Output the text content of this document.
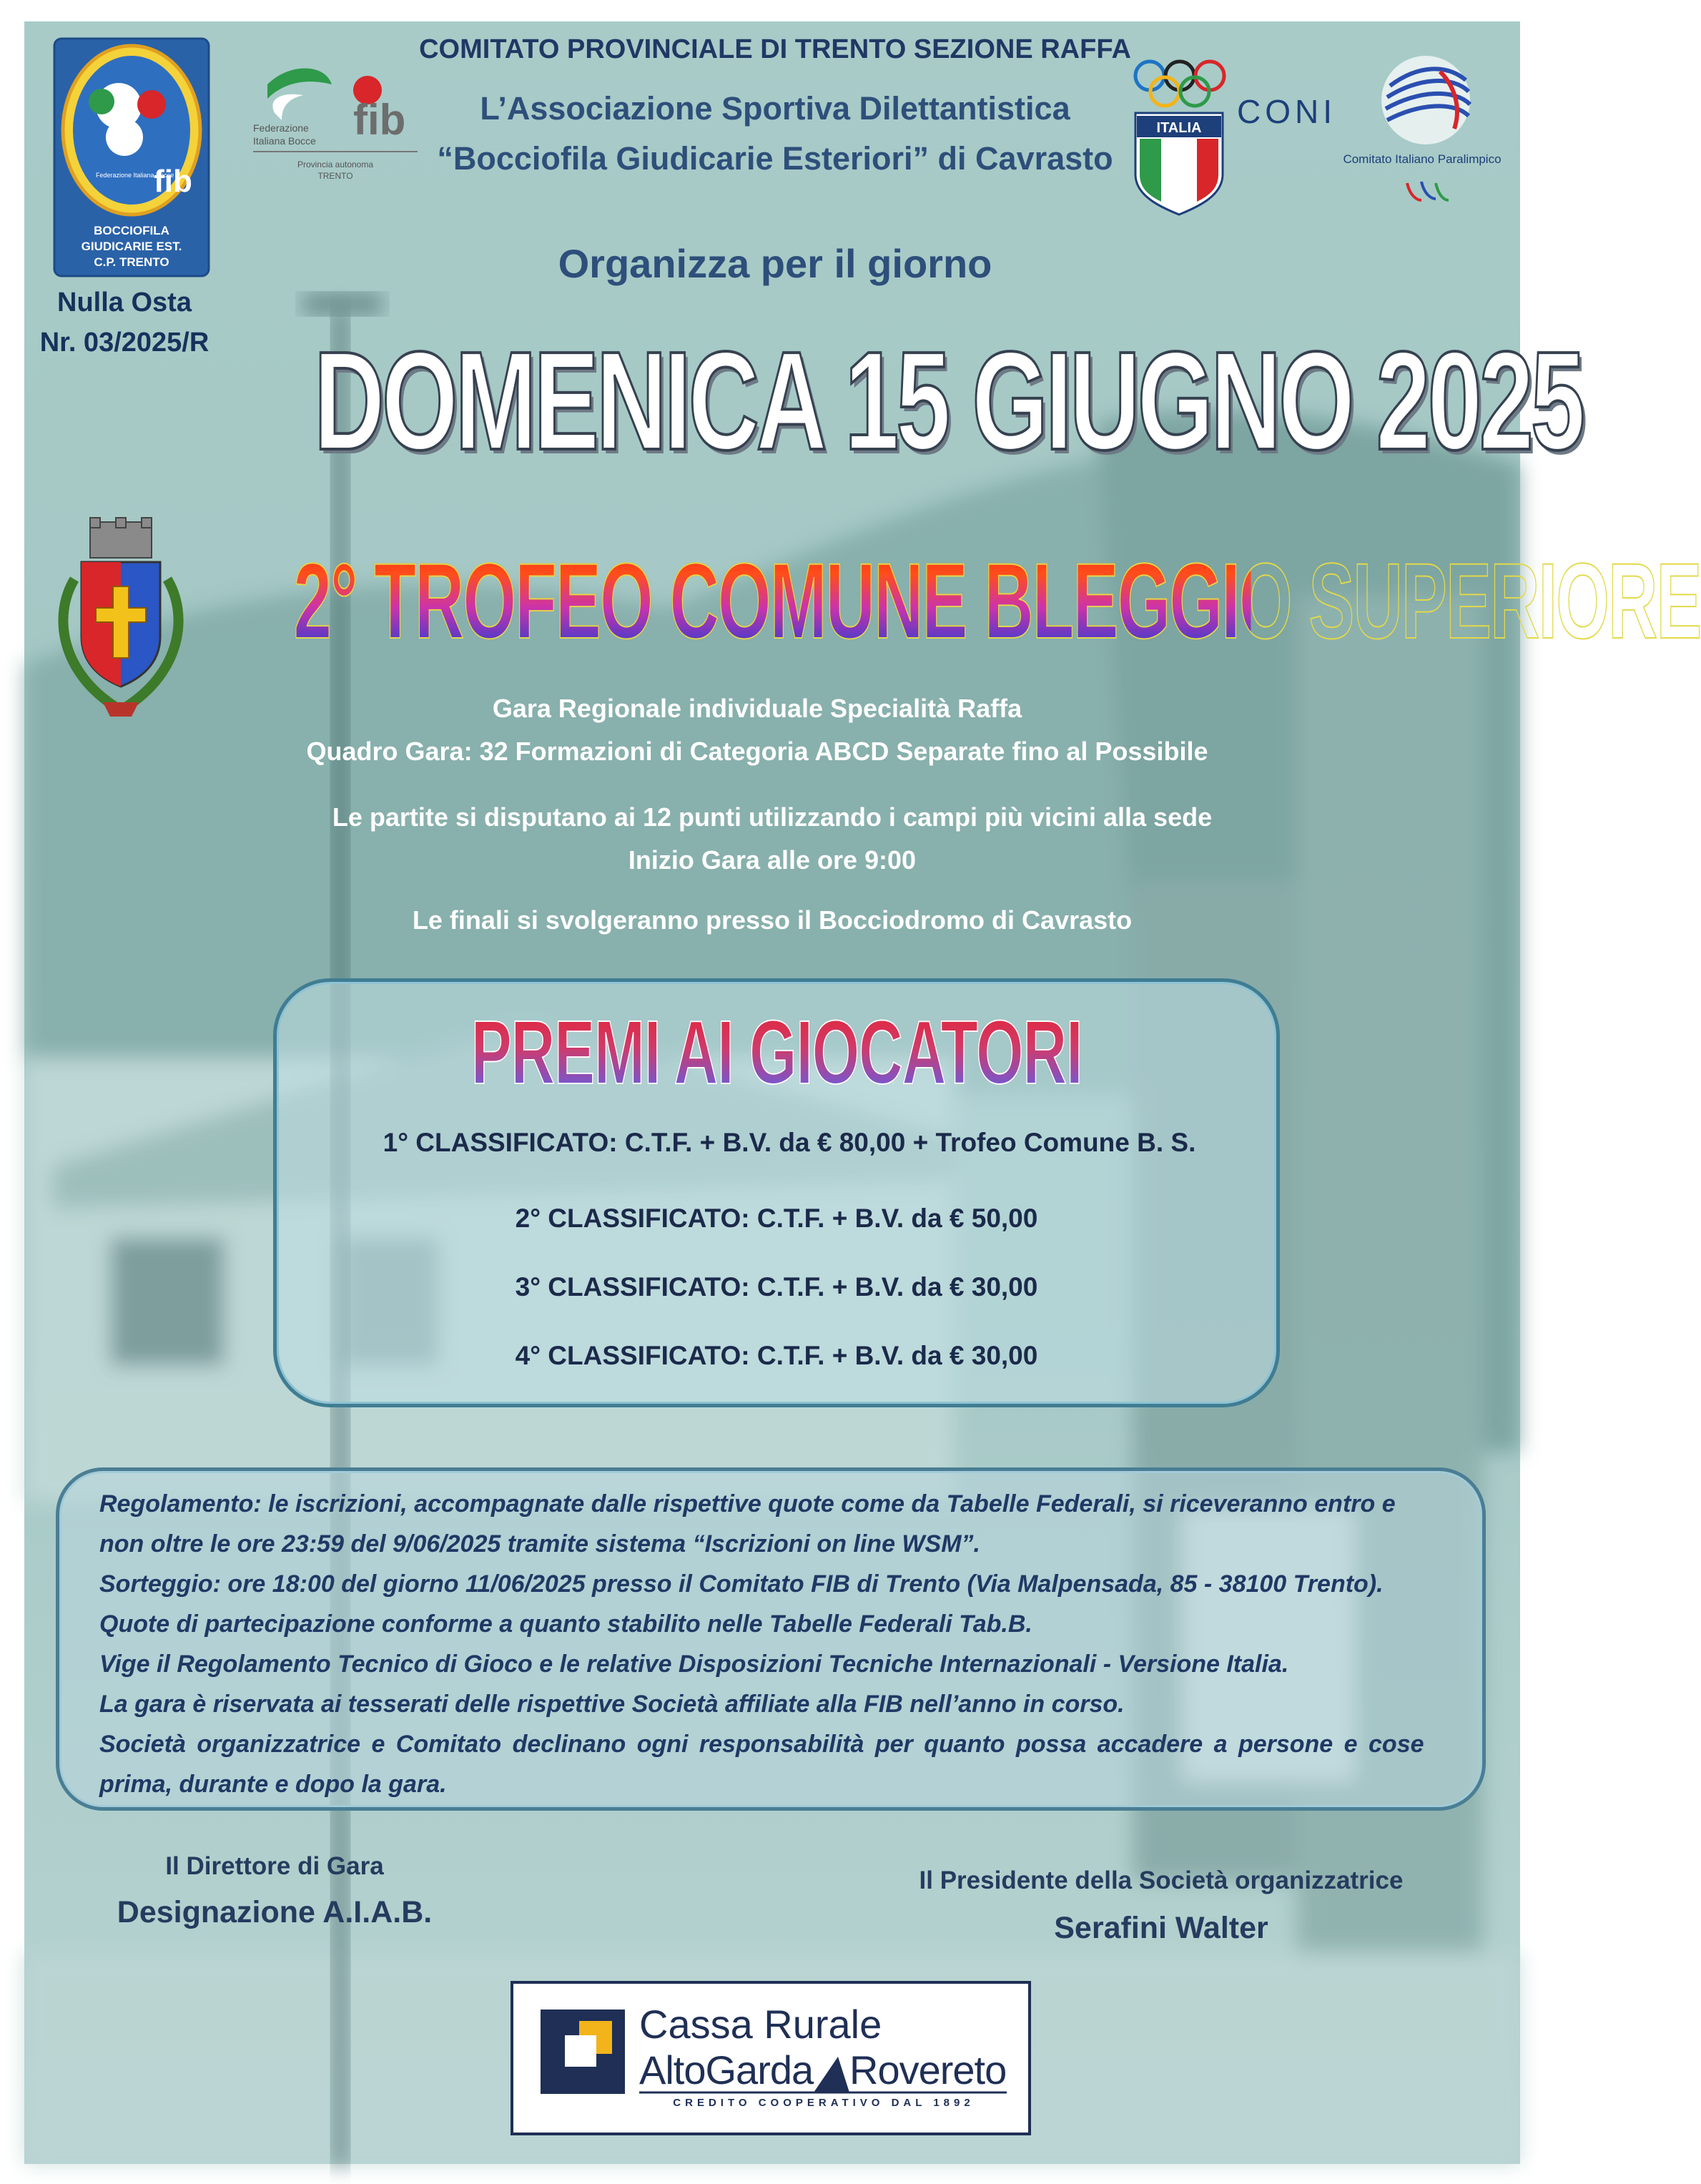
fib
Federazione Italiana Bocce
BOCCIOFILA
GIUDICARIE EST.
C.P. TRENTO
fib
Federazione
Italiana Bocce
Provincia autonoma
TRENTO
ITALIA CONI
Comitato Italiano Paralimpico
COMITATO PROVINCIALE DI TRENTO SEZIONE RAFFA
L’Associazione Sportiva Dilettantistica
“Bocciofila Giudicarie Esteriori” di Cavrasto
Organizza per il giorno
Nulla Osta
Nr. 03/2025/R DOMENICA 15 GIUGNO 2025
2° TROFEO COMUNE BLEGGIO SUPERIORE
Gara Regionale individuale Specialità Raffa
Quadro Gara: 32 Formazioni di Categoria ABCD Separate fino al Possibile
Le partite si disputano ai 12 punti utilizzando i campi più vicini alla sede
Inizio Gara alle ore 9:00
Le finali si svolgeranno presso il Bocciodromo di Cavrasto
PREMI AI GIOCATORI
1° CLASSIFICATO: C.T.F. + B.V. da € 80,00 + Trofeo Comune B. S.
2° CLASSIFICATO: C.T.F. + B.V. da € 50,00
3° CLASSIFICATO: C.T.F. + B.V. da € 30,00
4° CLASSIFICATO: C.T.F. + B.V. da € 30,00
Regolamento: le iscrizioni, accompagnate dalle rispettive quote come da Tabelle Federali, si riceveranno entro e
non oltre le ore 23:59 del 9/06/2025 tramite sistema “Iscrizioni on line WSM”.
Sorteggio: ore 18:00 del giorno 11/06/2025 presso il Comitato FIB di Trento (Via Malpensada, 85 - 38100 Trento).
Quote di partecipazione conforme a quanto stabilito nelle Tabelle Federali Tab.B.
Vige il Regolamento Tecnico di Gioco e le relative Disposizioni Tecniche Internazionali - Versione Italia.
La gara è riservata ai tesserati delle rispettive Società affiliate alla FIB nell’anno in corso.
Società organizzatrice e Comitato declinano ogni responsabilità per quanto possa accadere a persone e cose
prima, durante e dopo la gara.
Il Direttore di Gara
Designazione A.I.A.B.
Il Presidente della Società organizzatrice
Serafini Walter
Cassa Rurale
AltoGarda Rovereto
CREDITO COOPERATIVO DAL 1892
